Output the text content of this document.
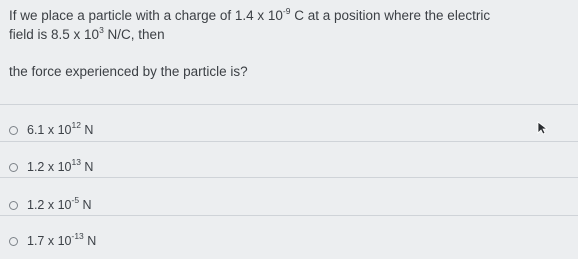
If we place a particle with a charge of 1.4 x $10^{-9}$ C at a position where the electric
field is 8.5 x $10^3$ N/C, then
the force experienced by the particle is?
6.1 x $10^{12}$ N
1.2 x $10^{13}$ N
1.2 x $10^{-5}$ N
1.7 x $10^{-13}$ N
